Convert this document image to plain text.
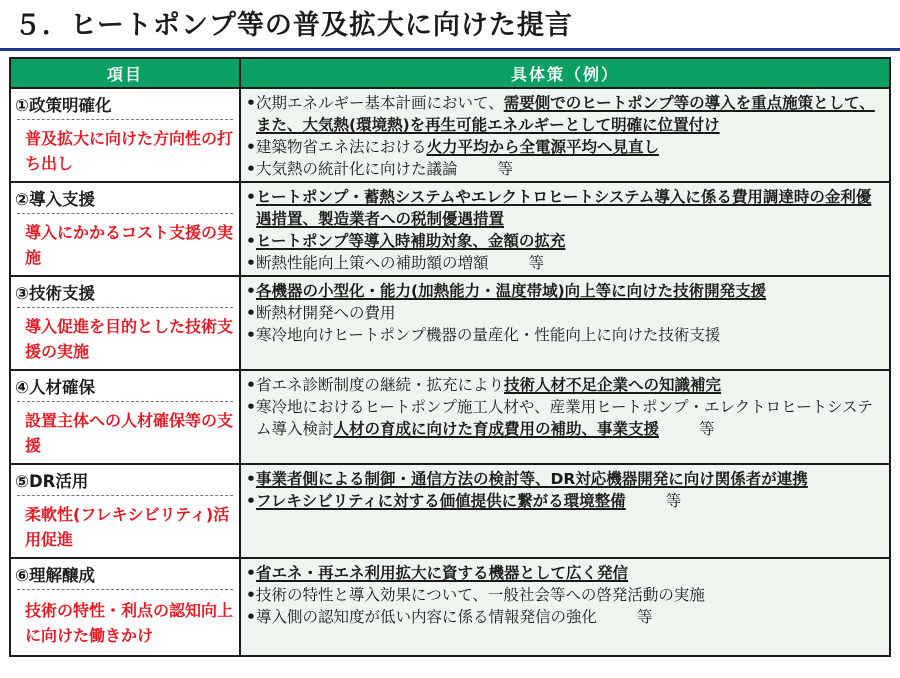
５．ヒートポンプ等の普及拡大に向けた提言
項目	具体策（例）
①政策明確化
普及拡大に向けた方向性の打ち出し
• 次期エネルギー基本計画において、需要側でのヒートポンプ等の導入を重点施策として、また、大気熱(環境熱)を再生可能エネルギーとして明確に位置付け
• 建築物省エネ法における火力平均から全電源平均へ見直し
• 大気熱の統計化に向けた議論	等
②導入支援
導入にかかるコスト支援の実施
• ヒートポンプ・蓄熱システムやエレクトロヒートシステム導入に係る費用調達時の金利優遇措置、製造業者への税制優遇措置
• ヒートポンプ等導入時補助対象、金額の拡充
• 断熱性能向上策への補助額の増額	等
③技術支援
導入促進を目的とした技術支援の実施
• 各機器の小型化・能力(加熱能力・温度帯域)向上等に向けた技術開発支援
• 断熱材開発への費用
• 寒冷地向けヒートポンプ機器の量産化・性能向上に向けた技術支援
④人材確保
設置主体への人材確保等の支援
• 省エネ診断制度の継続・拡充により技術人材不足企業への知識補完
• 寒冷地におけるヒートポンプ施工人材や、産業用ヒートポンプ・エレクトロヒートシステム導入検討人材の育成に向けた育成費用の補助、事業支援	等
⑤DR活用
柔軟性(フレキシビリティ)活用促進
• 事業者側による制御・通信方法の検討等、DR対応機器開発に向け関係者が連携
• フレキシビリティに対する価値提供に繋がる環境整備	等
⑥理解醸成
技術の特性・利点の認知向上に向けた働きかけ
• 省エネ・再エネ利用拡大に資する機器として広く発信
• 技術の特性と導入効果について、一般社会等への啓発活動の実施
• 導入側の認知度が低い内容に係る情報発信の強化	等
